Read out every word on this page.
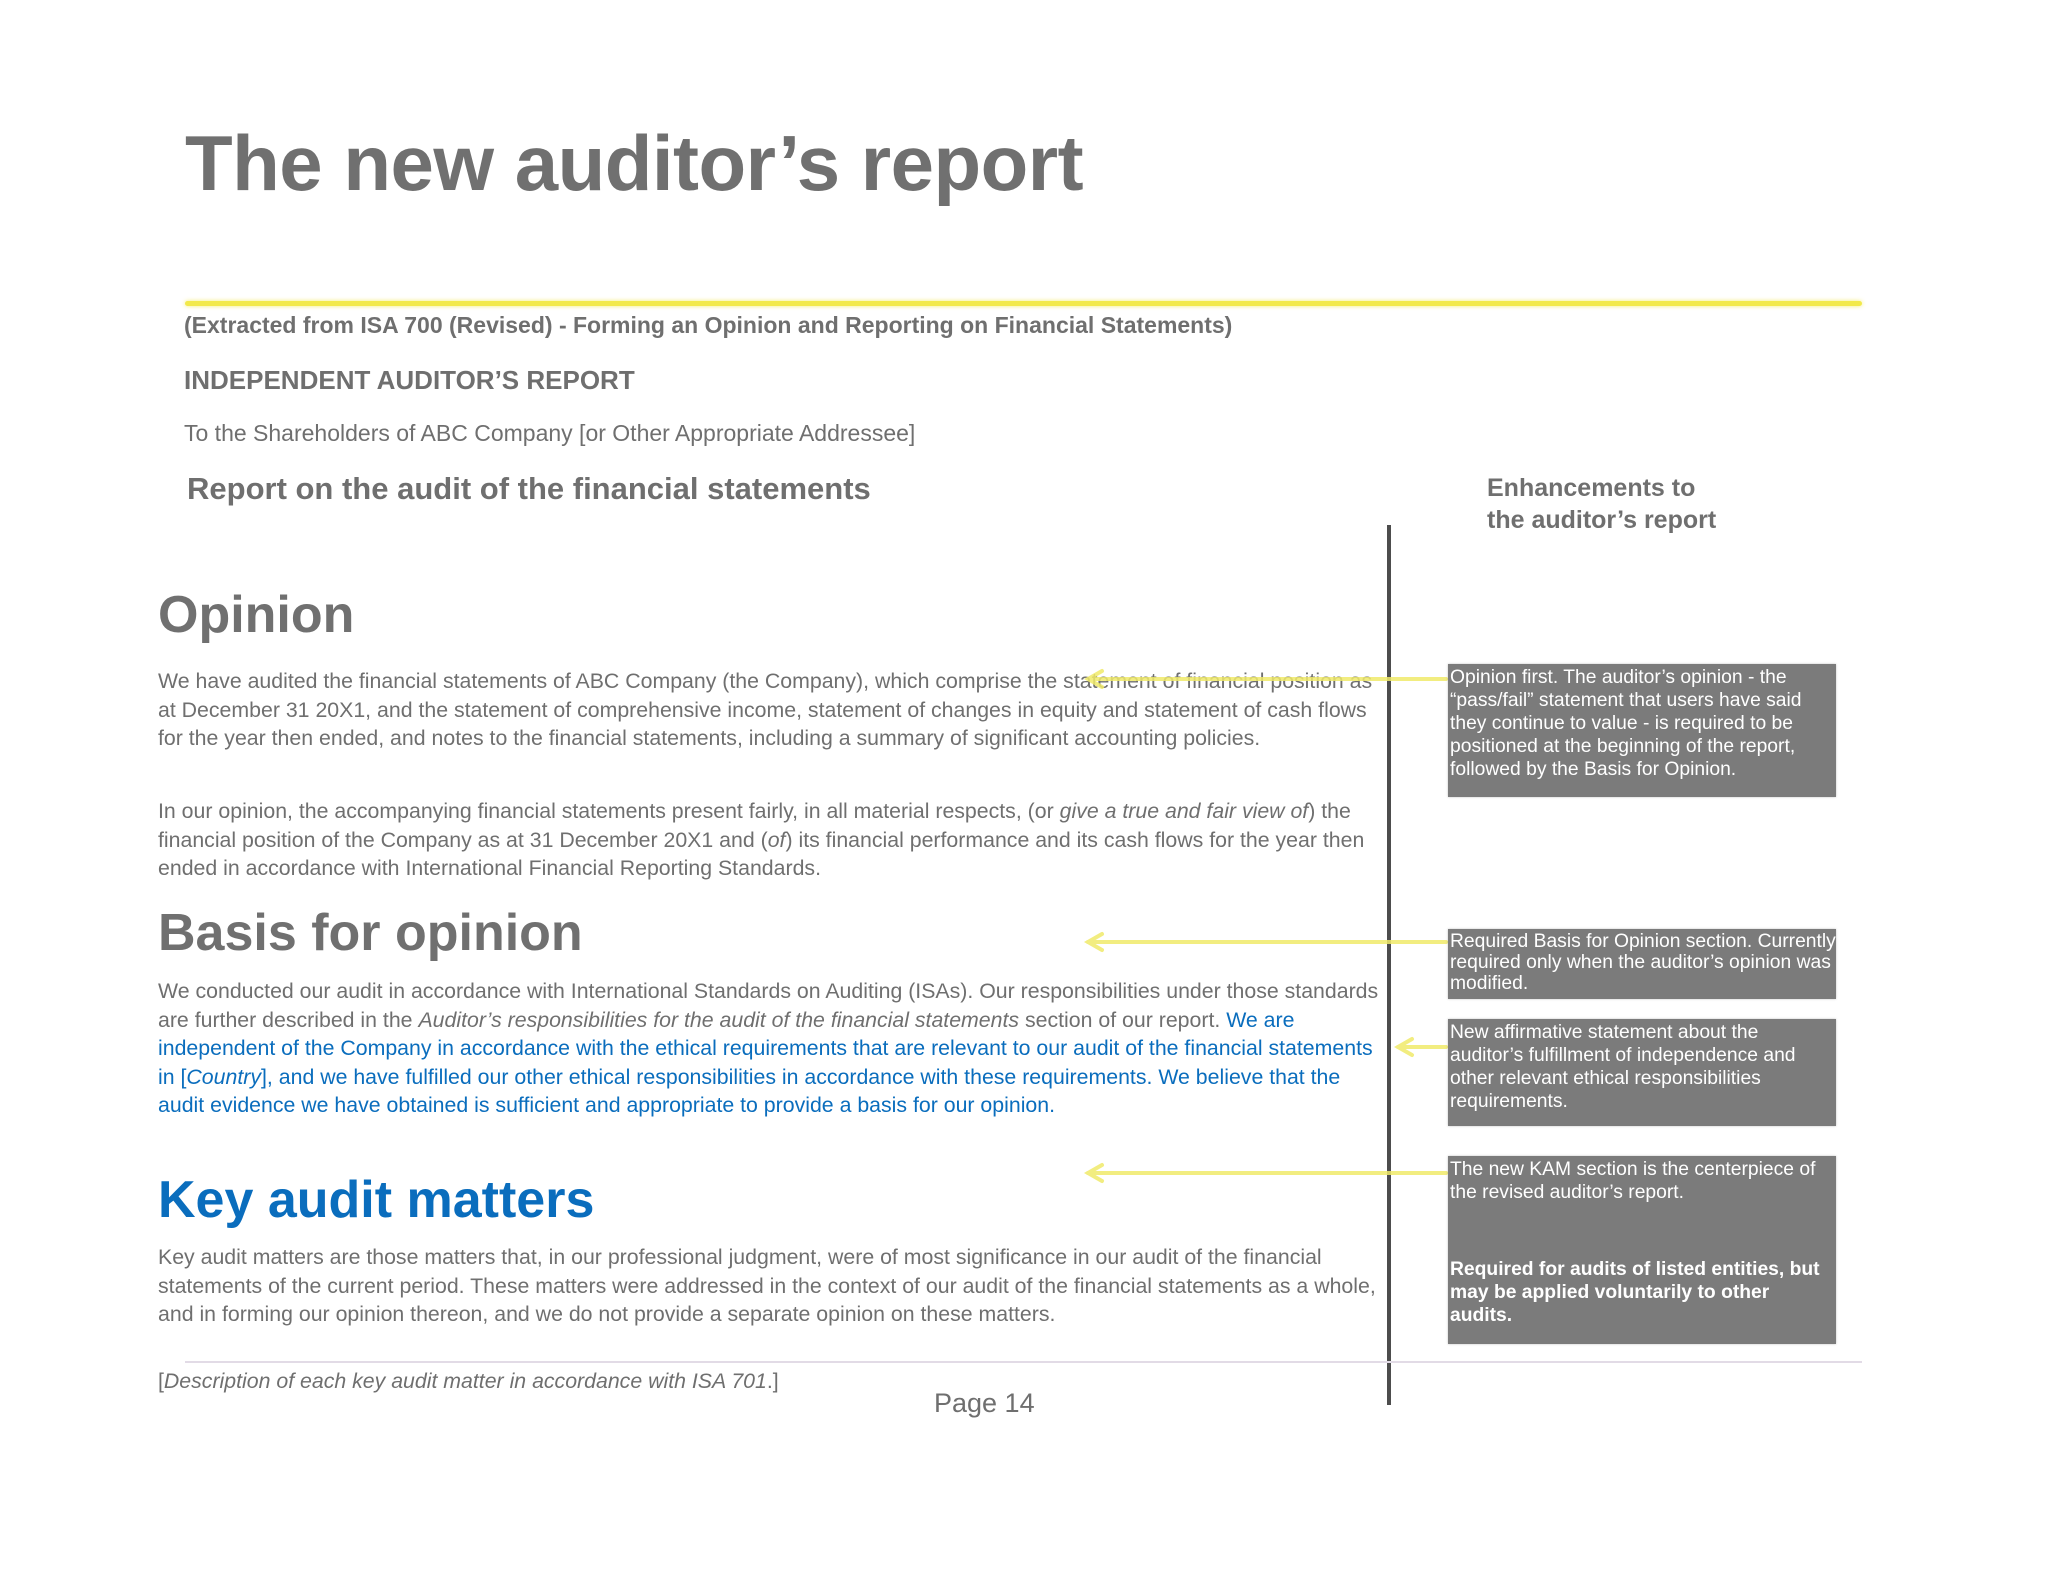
The new auditor’s report
(Extracted from ISA 700 (Revised) - Forming an Opinion and Reporting on Financial Statements)
INDEPENDENT AUDITOR’S REPORT
To the Shareholders of ABC Company [or Other Appropriate Addressee]
Report on the audit of the financial statements	Enhancements to
the auditor’s report
Opinion
We have audited the financial statements of ABC Company (the Company), which comprise the statement of financial position as at December 31 20X1, and the statement of comprehensive income, statement of changes in equity and statement of cash flows for the year then ended, and notes to the financial statements, including a summary of significant accounting policies.
In our opinion, the accompanying financial statements present fairly, in all material respects, (or give a true and fair view of) the financial position of the Company as at 31 December 20X1 and (of) its financial performance and its cash flows for the year then ended in accordance with International Financial Reporting Standards.
Basis for opinion
We conducted our audit in accordance with International Standards on Auditing (ISAs). Our responsibilities under those standards are further described in the Auditor’s responsibilities for the audit of the financial statements section of our report. We are independent of the Company in accordance with the ethical requirements that are relevant to our audit of the financial statements in [Country], and we have fulfilled our other ethical responsibilities in accordance with these requirements. We believe that the audit evidence we have obtained is sufficient and appropriate to provide a basis for our opinion.
Key audit matters
Key audit matters are those matters that, in our professional judgment, were of most significance in our audit of the financial statements of the current period. These matters were addressed in the context of our audit of the financial statements as a whole, and in forming our opinion thereon, and we do not provide a separate opinion on these matters.
[Description of each key audit matter in accordance with ISA 701.]
Page 14
Opinion first. The auditor’s opinion - the “pass/fail” statement that users have said they continue to value - is required to be positioned at the beginning of the report, followed by the Basis for Opinion.
Required Basis for Opinion section. Currently required only when the auditor’s opinion was modified.
New affirmative statement about the auditor’s fulfillment of independence and other relevant ethical responsibilities requirements.
The new KAM section is the centerpiece of the revised auditor’s report.
Required for audits of listed entities, but may be applied voluntarily to other audits.
